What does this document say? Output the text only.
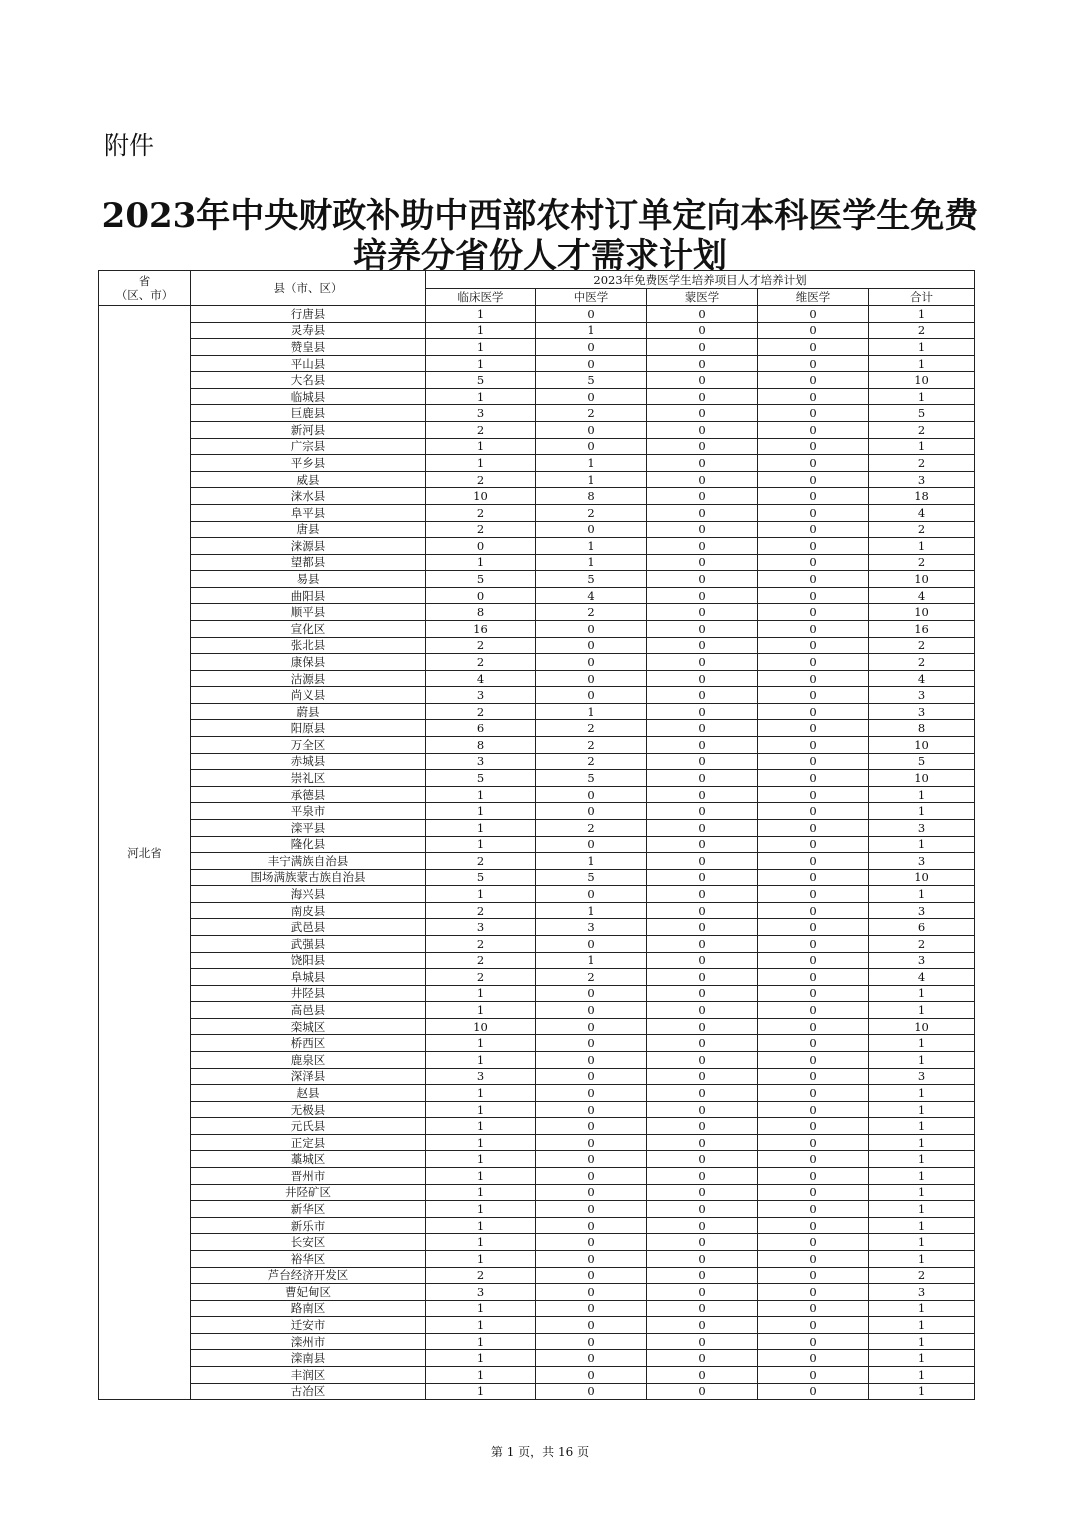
附件
2023年中央财政补助中西部农村订单定向本科医学生免费
培养分省份人才需求计划
省
（区、市）	县（市、区）	2023年免费医学生培养项目人才培养计划				
		临床医学	中医学	蒙医学	维医学	合计
河北省	行唐县	1	0	0	0	1
	灵寿县	1	1	0	0	2
	赞皇县	1	0	0	0	1
	平山县	1	0	0	0	1
	大名县	5	5	0	0	10
	临城县	1	0	0	0	1
	巨鹿县	3	2	0	0	5
	新河县	2	0	0	0	2
	广宗县	1	0	0	0	1
	平乡县	1	1	0	0	2
	威县	2	1	0	0	3
	涞水县	10	8	0	0	18
	阜平县	2	2	0	0	4
	唐县	2	0	0	0	2
	涞源县	0	1	0	0	1
	望都县	1	1	0	0	2
	易县	5	5	0	0	10
	曲阳县	0	4	0	0	4
	顺平县	8	2	0	0	10
	宣化区	16	0	0	0	16
	张北县	2	0	0	0	2
	康保县	2	0	0	0	2
	沽源县	4	0	0	0	4
	尚义县	3	0	0	0	3
	蔚县	2	1	0	0	3
	阳原县	6	2	0	0	8
	万全区	8	2	0	0	10
	赤城县	3	2	0	0	5
	崇礼区	5	5	0	0	10
	承德县	1	0	0	0	1
	平泉市	1	0	0	0	1
	滦平县	1	2	0	0	3
	隆化县	1	0	0	0	1
	丰宁满族自治县	2	1	0	0	3
	围场满族蒙古族自治县	5	5	0	0	10
	海兴县	1	0	0	0	1
	南皮县	2	1	0	0	3
	武邑县	3	3	0	0	6
	武强县	2	0	0	0	2
	饶阳县	2	1	0	0	3
	阜城县	2	2	0	0	4
	井陉县	1	0	0	0	1
	高邑县	1	0	0	0	1
	栾城区	10	0	0	0	10
	桥西区	1	0	0	0	1
	鹿泉区	1	0	0	0	1
	深泽县	3	0	0	0	3
	赵县	1	0	0	0	1
	无极县	1	0	0	0	1
	元氏县	1	0	0	0	1
	正定县	1	0	0	0	1
	藁城区	1	0	0	0	1
	晋州市	1	0	0	0	1
	井陉矿区	1	0	0	0	1
	新华区	1	0	0	0	1
	新乐市	1	0	0	0	1
	长安区	1	0	0	0	1
	裕华区	1	0	0	0	1
	芦台经济开发区	2	0	0	0	2
	曹妃甸区	3	0	0	0	3
	路南区	1	0	0	0	1
	迁安市	1	0	0	0	1
	滦州市	1	0	0	0	1
	滦南县	1	0	0	0	1
	丰润区	1	0	0	0	1
	古冶区	1	0	0	0	1
第 1 页，共 16 页
